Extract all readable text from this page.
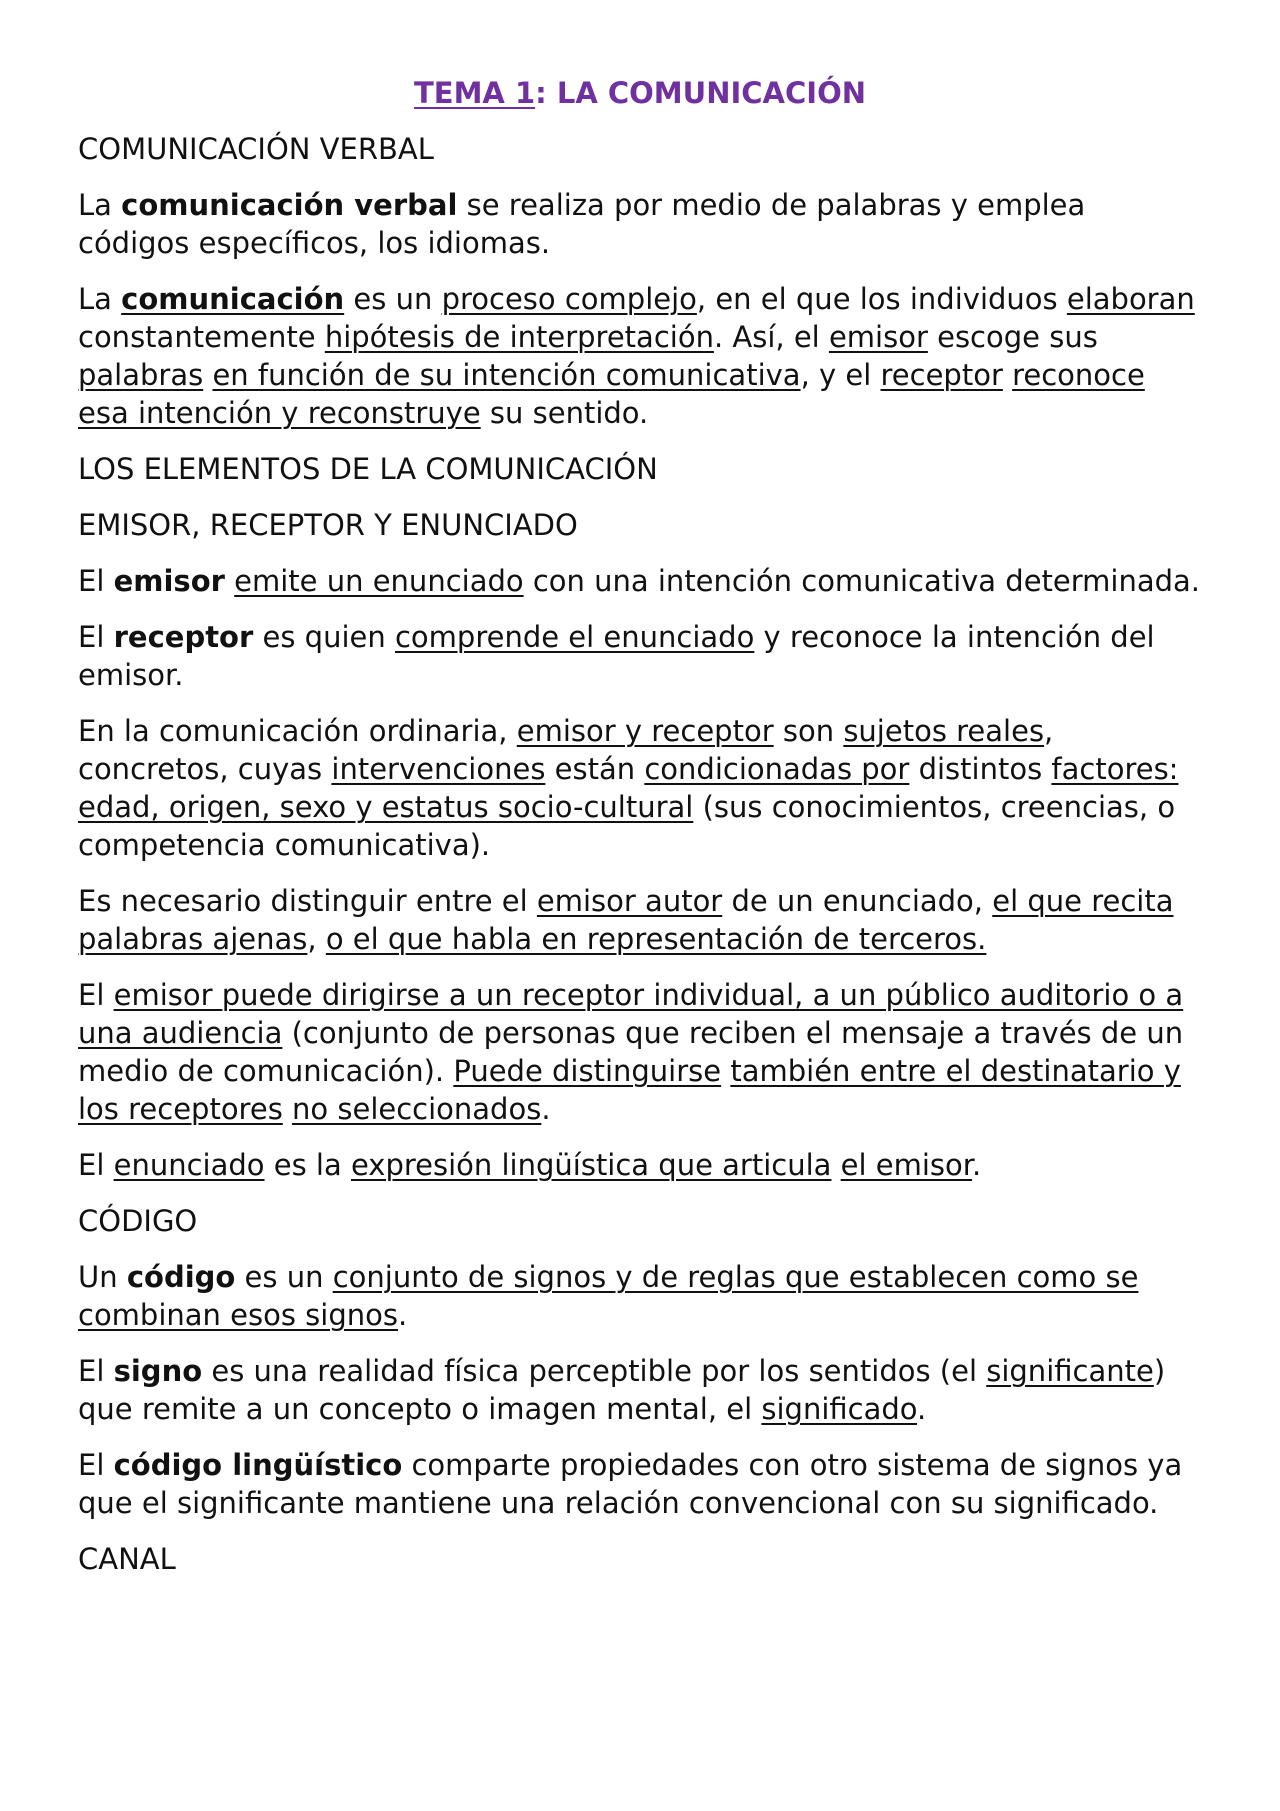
TEMA 1: LA COMUNICACIÓN
COMUNICACIÓN VERBAL

La comunicación verbal se realiza por medio de palabras y emplea códigos específicos, los idiomas.

La comunicación es un proceso complejo, en el que los individuos elaboran constantemente hipótesis de interpretación. Así, el emisor escoge sus palabras en función de su intención comunicativa, y el receptor reconoce esa intención y reconstruye su sentido.

LOS ELEMENTOS DE LA COMUNICACIÓN
EMISOR, RECEPTOR Y ENUNCIADO

El emisor emite un enunciado con una intención comunicativa determinada.

El receptor es quien comprende el enunciado y reconoce la intención del emisor.

En la comunicación ordinaria, emisor y receptor son sujetos reales, concretos, cuyas intervenciones están condicionadas por distintos factores: edad, origen, sexo y estatus socio-cultural (sus conocimientos, creencias, o competencia comunicativa).

Es necesario distinguir entre el emisor autor de un enunciado, el que recita palabras ajenas, o el que habla en representación de terceros.

El emisor puede dirigirse a un receptor individual, a un público auditorio o a una audiencia (conjunto de personas que reciben el mensaje a través de un medio de comunicación). Puede distinguirse también entre el destinatario y los receptores no seleccionados.

El enunciado es la expresión lingüística que articula el emisor.

CÓDIGO

Un código es un conjunto de signos y de reglas que establecen como se combinan esos signos.

El signo es una realidad física perceptible por los sentidos (el significante) que remite a un concepto o imagen mental, el significado.

El código lingüístico comparte propiedades con otro sistema de signos ya que el significante mantiene una relación convencional con su significado.

CANAL
